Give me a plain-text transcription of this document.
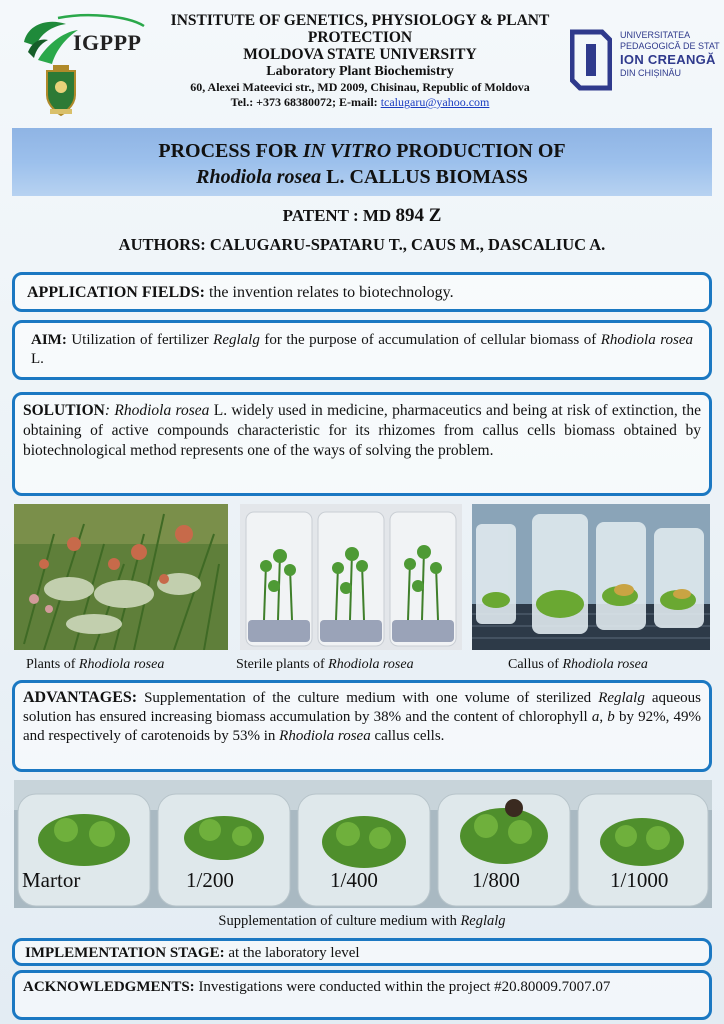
IGPPP
INSTITUTE OF GENETICS, PHYSIOLOGY & PLANT PROTECTION
MOLDOVA STATE UNIVERSITY
Laboratory Plant Biochemistry
60, Alexei Mateevici str., MD 2009, Chisinau, Republic of Moldova
Tel.: +373 68380072; E-mail: tcalugaru@yahoo.com
UNIVERSITATEA
PEDAGOGICĂ DE STAT
ION CREANGĂ
DIN CHIȘINĂU
PROCESS FOR IN VITRO PRODUCTION OF
Rhodiola rosea L. CALLUS BIOMASS
PATENT : MD 894 Z
AUTHORS: CALUGARU-SPATARU T., CAUS M., DASCALIUC A.
APPLICATION FIELDS: the invention relates to biotechnology.
AIM: Utilization of fertilizer Reglalg for the purpose of accumulation of cellular biomass of Rhodiola rosea L.
SOLUTION: Rhodiola rosea L. widely used in medicine, pharmaceutics and being at risk of extinction, the obtaining of active compounds characteristic for its rhizomes from callus cells biomass obtained by biotechnological method represents one of the ways of solving the problem.
Plants of Rhodiola rosea	Sterile plants of Rhodiola rosea	Callus of Rhodiola rosea
ADVANTAGES: Supplementation of the culture medium with one volume of sterilized Reglalg aqueous solution has ensured increasing biomass accumulation by 38% and the content of chlorophyll a, b by 92%, 49% and respectively of carotenoids by 53% in Rhodiola rosea callus cells.
Martor	1/200	1/400	1/800	1/1000
Supplementation of culture medium with Reglalg
IMPLEMENTATION STAGE: at the laboratory level
ACKNOWLEDGMENTS: Investigations were conducted within the project #20.80009.7007.07
